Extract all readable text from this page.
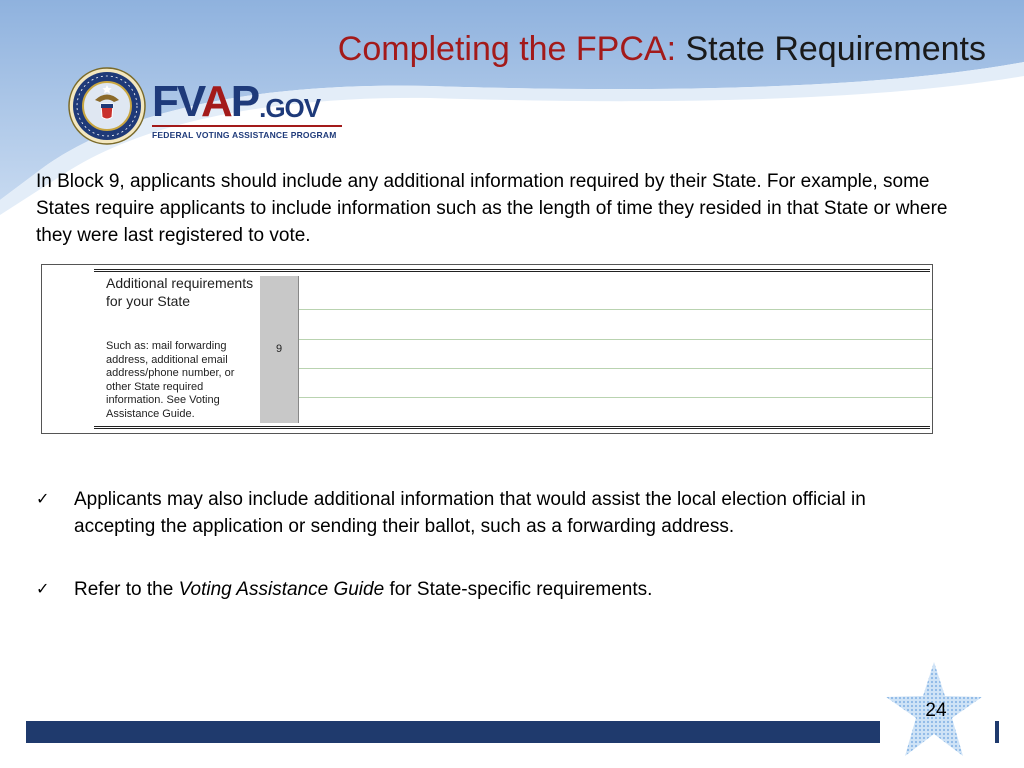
Completing the FPCA: State Requirements
FVAP .GOV
FEDERAL VOTING ASSISTANCE PROGRAM
In Block 9, applicants should include any additional information required by their State. For example, some States require applicants to include information such as the length of time they resided in that State or where they were last registered to vote.
Additional requirements for your State
Such as: mail forwarding address, additional email address/phone number, or other State required information. See Voting Assistance Guide.
9
✓	Applicants may also include additional information that would assist the local election official in accepting the application or sending their ballot, such as a forwarding address.
✓	Refer to the Voting Assistance Guide for State-specific requirements.
24
